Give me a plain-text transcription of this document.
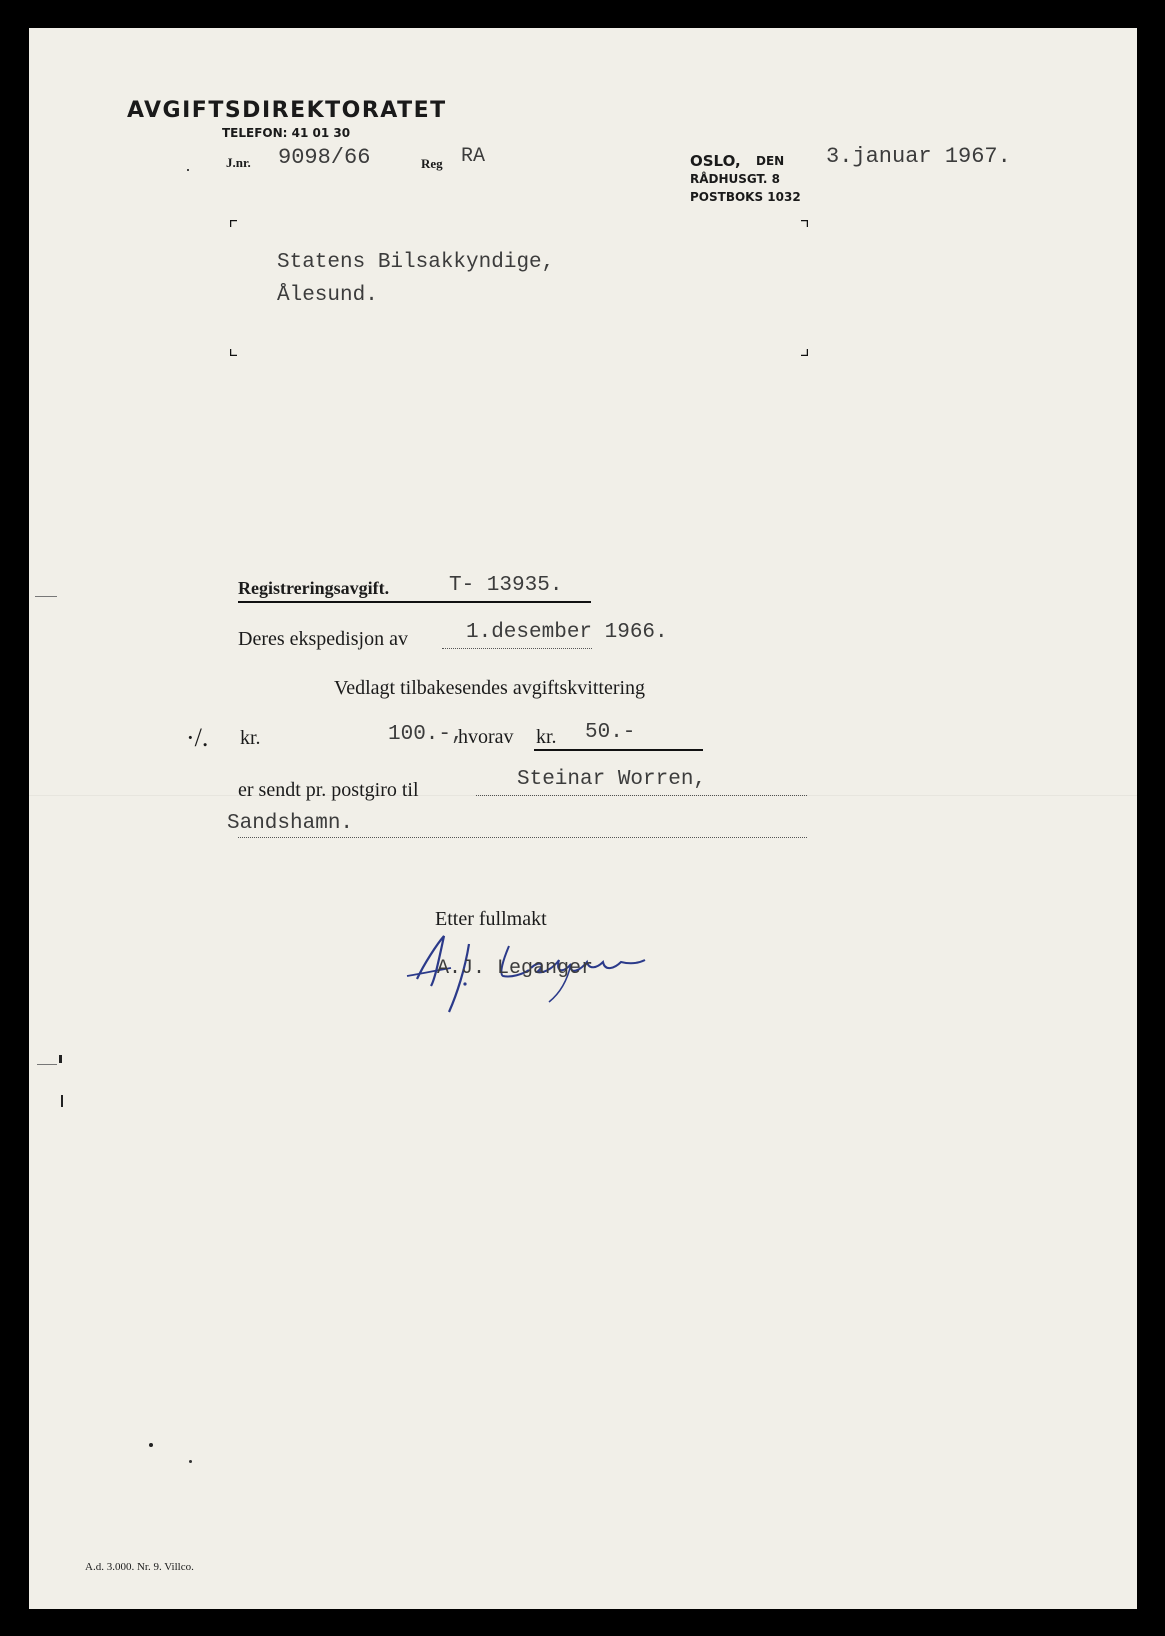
AVGIFTSDIREKTORATET
TELEFON: 41 01 30
J.nr. 9098/66	Reg RA	OSLO, DEN 3.januar 1967.
RÅDHUSGT. 8
POSTBOKS 1032
Statens Bilsakkyndige,
Ålesund.
Registreringsavgift.	T- 13935.
Deres ekspedisjon av	1.desember 1966.
Vedlagt tilbakesendes avgiftskvittering
·/. kr.	100.-,
hvorav kr. 50.-
er sendt pr. postgiro til	Steinar Worren,
Sandshamn.
Etter fullmakt
A.J. Leganger
A.d. 3.000. Nr. 9. Villco.
